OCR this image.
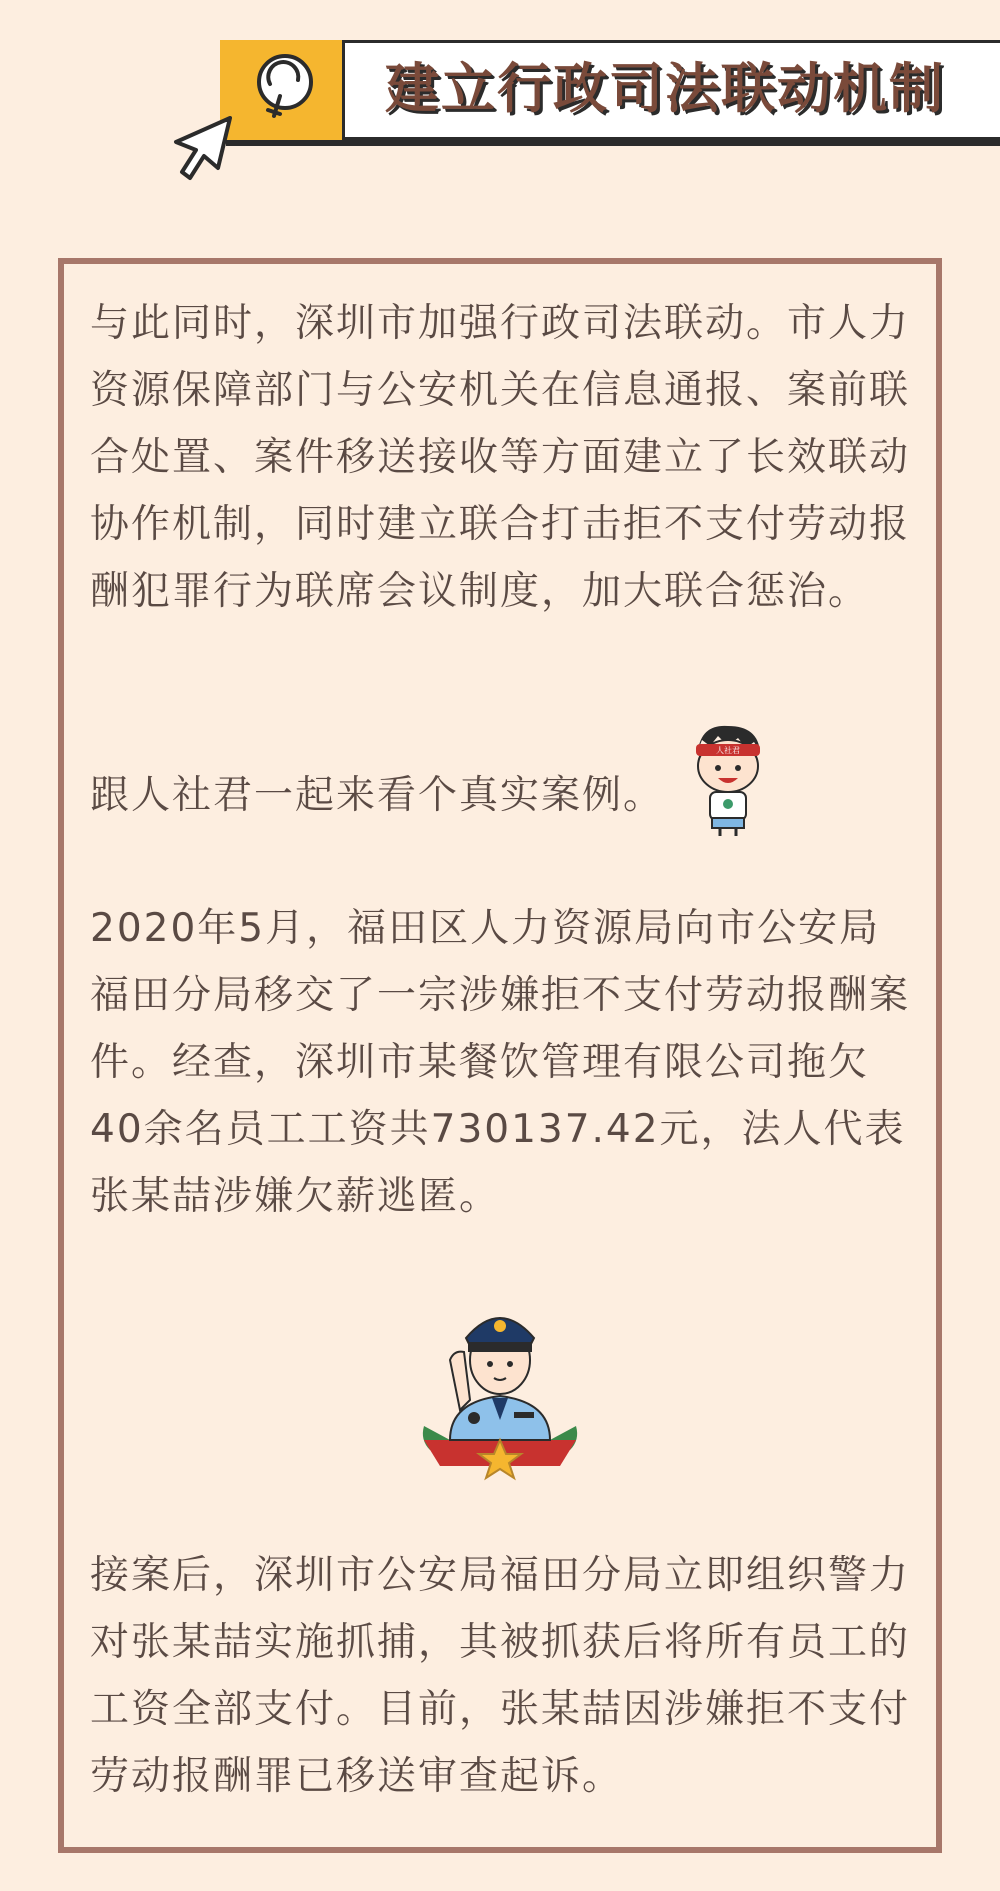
建立行政司法联动机制
与此同时，深圳市加强行政司法联动。市人力资源保障部门与公安机关在信息通报、案前联合处置、案件移送接收等方面建立了长效联动协作机制，同时建立联合打击拒不支付劳动报酬犯罪行为联席会议制度，加大联合惩治。
跟人社君一起来看个真实案例。
人社君
2020年5月，福田区人力资源局向市公安局福田分局移交了一宗涉嫌拒不支付劳动报酬案件。经查，深圳市某餐饮管理有限公司拖欠40余名员工工资共730137.42元，法人代表张某喆涉嫌欠薪逃匿。
接案后，深圳市公安局福田分局立即组织警力对张某喆实施抓捕，其被抓获后将所有员工的工资全部支付。目前，张某喆因涉嫌拒不支付劳动报酬罪已移送审查起诉。
